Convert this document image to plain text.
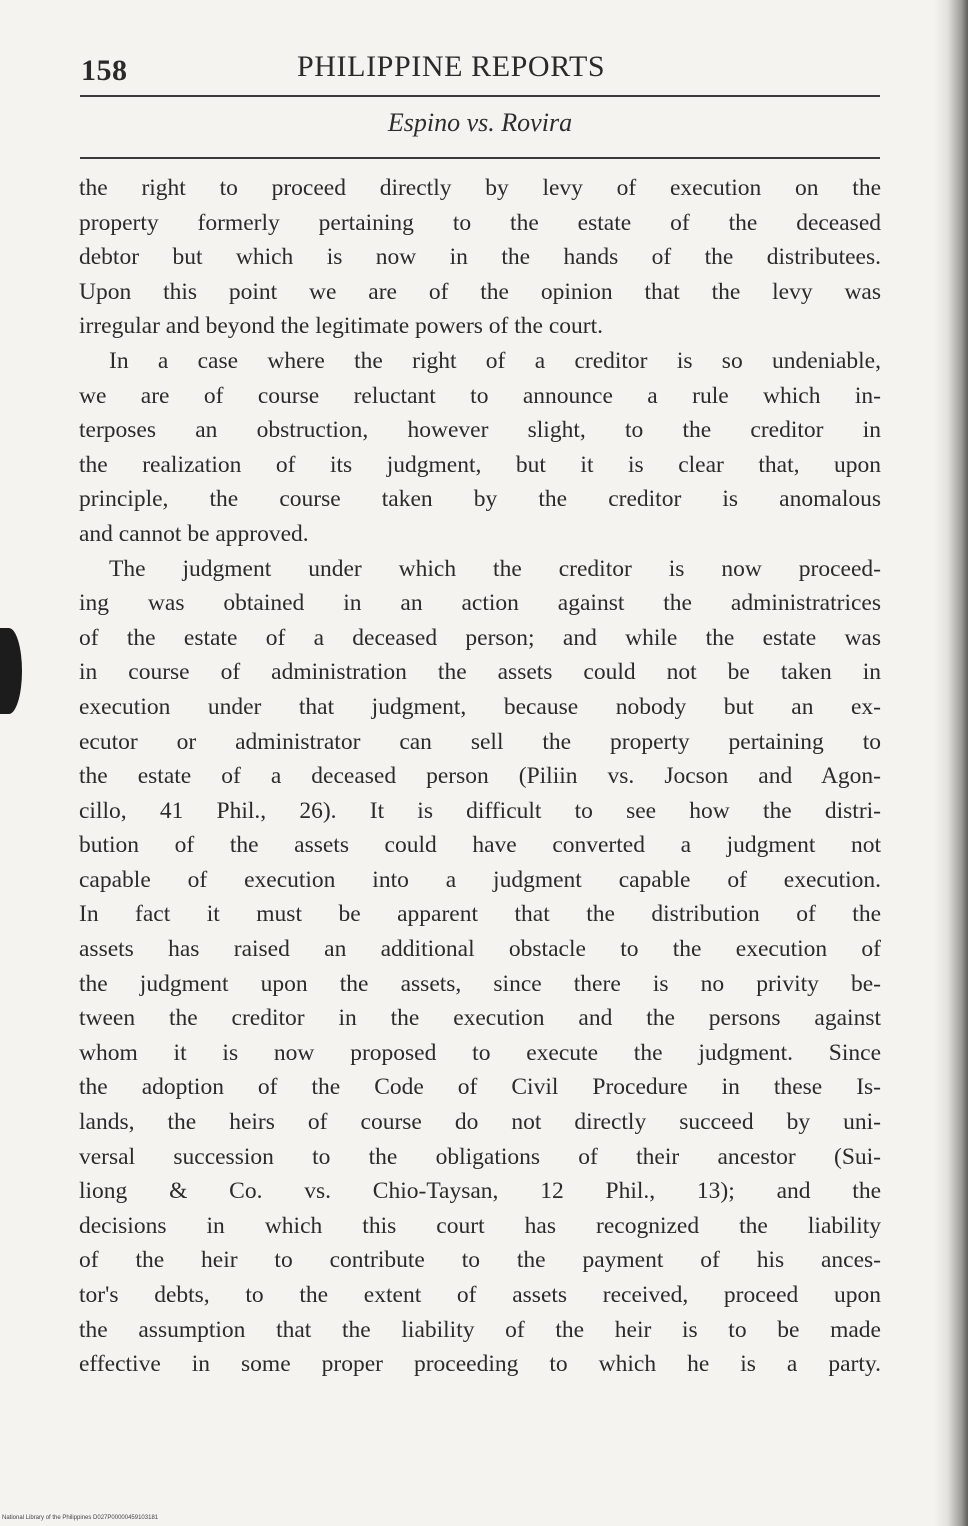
158	PHILIPPINE REPORTS
Espino vs. Rovira
the right to proceed directly by levy of execution on the
property formerly pertaining to the estate of the deceased
debtor but which is now in the hands of the distributees.
Upon this point we are of the opinion that the levy was
irregular and beyond the legitimate powers of the court.
In a case where the right of a creditor is so undeniable,
we are of course reluctant to announce a rule which in-
terposes an obstruction, however slight, to the creditor in
the realization of its judgment, but it is clear that, upon
principle, the course taken by the creditor is anomalous
and cannot be approved.
The judgment under which the creditor is now proceed-
ing was obtained in an action against the administratrices
of the estate of a deceased person; and while the estate was
in course of administration the assets could not be taken in
execution under that judgment, because nobody but an ex-
ecutor or administrator can sell the property pertaining to
the estate of a deceased person (Piliin vs. Jocson and Agon-
cillo, 41 Phil., 26). It is difficult to see how the distri-
bution of the assets could have converted a judgment not
capable of execution into a judgment capable of execution.
In fact it must be apparent that the distribution of the
assets has raised an additional obstacle to the execution of
the judgment upon the assets, since there is no privity be-
tween the creditor in the execution and the persons against
whom it is now proposed to execute the judgment. Since
the adoption of the Code of Civil Procedure in these Is-
lands, the heirs of course do not directly succeed by uni-
versal succession to the obligations of their ancestor (Sui-
liong & Co. vs. Chio-Taysan, 12 Phil., 13); and the
decisions in which this court has recognized the liability
of the heir to contribute to the payment of his ances-
tor's debts, to the extent of assets received, proceed upon
the assumption that the liability of the heir is to be made
effective in some proper proceeding to which he is a party.
National Library of the Philippines D027P00000459103181
